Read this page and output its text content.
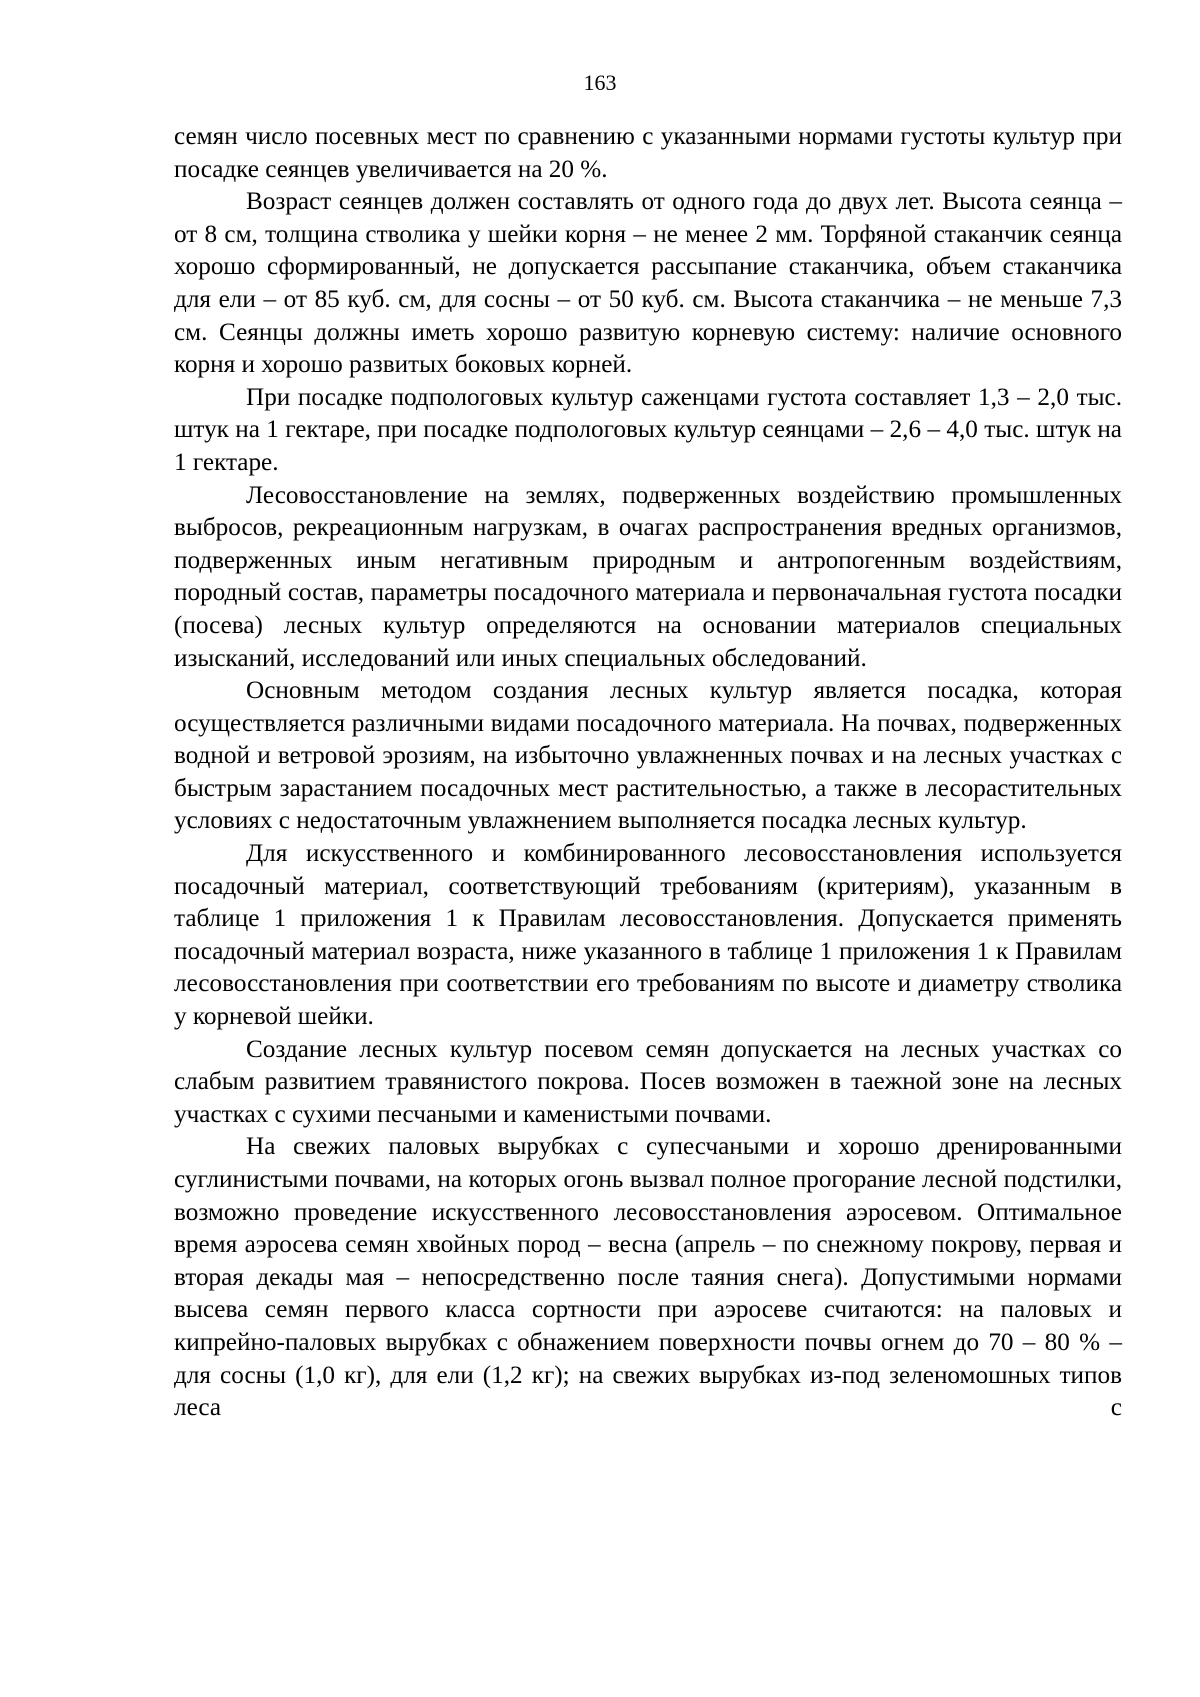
163

семян число посевных мест по сравнению с указанными нормами густоты культур при посадке сеянцев увеличивается на 20 %.

Возраст сеянцев должен составлять от одного года до двух лет. Высота сеянца – от 8 см, толщина стволика у шейки корня – не менее 2 мм. Торфяной стаканчик сеянца хорошо сформированный, не допускается рассыпание стаканчика, объем стаканчика для ели – от 85 куб. см, для сосны – от 50 куб. см. Высота стаканчика – не меньше 7,3 см. Сеянцы должны иметь хорошо развитую корневую систему: наличие основного корня и хорошо развитых боковых корней.

При посадке подпологовых культур саженцами густота составляет 1,3 – 2,0 тыс. штук на 1 гектаре, при посадке подпологовых культур сеянцами – 2,6 – 4,0 тыс. штук на 1 гектаре.

Лесовосстановление на землях, подверженных воздействию промышленных выбросов, рекреационным нагрузкам, в очагах распространения вредных организмов, подверженных иным негативным природным и антропогенным воздействиям, породный состав, параметры посадочного материала и первоначальная густота посадки (посева) лесных культур определяются на основании материалов специальных изысканий, исследований или иных специальных обследований.

Основным методом создания лесных культур является посадка, которая осуществляется различными видами посадочного материала. На почвах, подверженных водной и ветровой эрозиям, на избыточно увлажненных почвах и на лесных участках с быстрым зарастанием посадочных мест растительностью, а также в лесорастительных условиях с недостаточным увлажнением выполняется посадка лесных культур.

Для искусственного и комбинированного лесовосстановления используется посадочный материал, соответствующий требованиям (критериям), указанным в таблице 1 приложения 1 к Правилам лесовосстановления. Допускается применять посадочный материал возраста, ниже указанного в таблице 1 приложения 1 к Правилам лесовосстановления при соответствии его требованиям по высоте и диаметру стволика у корневой шейки.

Создание лесных культур посевом семян допускается на лесных участках со слабым развитием травянистого покрова. Посев возможен в таежной зоне на лесных участках с сухими песчаными и каменистыми почвами.

На свежих паловых вырубках с супесчаными и хорошо дренированными суглинистыми почвами, на которых огонь вызвал полное прогорание лесной подстилки, возможно проведение искусственного лесовосстановления аэросевом. Оптимальное время аэросева семян хвойных пород – весна (апрель – по снежному покрову, первая и вторая декады мая – непосредственно после таяния снега). Допустимыми нормами высева семян первого класса сортности при аэросеве считаются: на паловых и кипрейно-паловых вырубках с обнажением поверхности почвы огнем до 70 – 80 % – для сосны (1,0 кг), для ели (1,2 кг); на свежих вырубках из-под зеленомошных типов леса с
